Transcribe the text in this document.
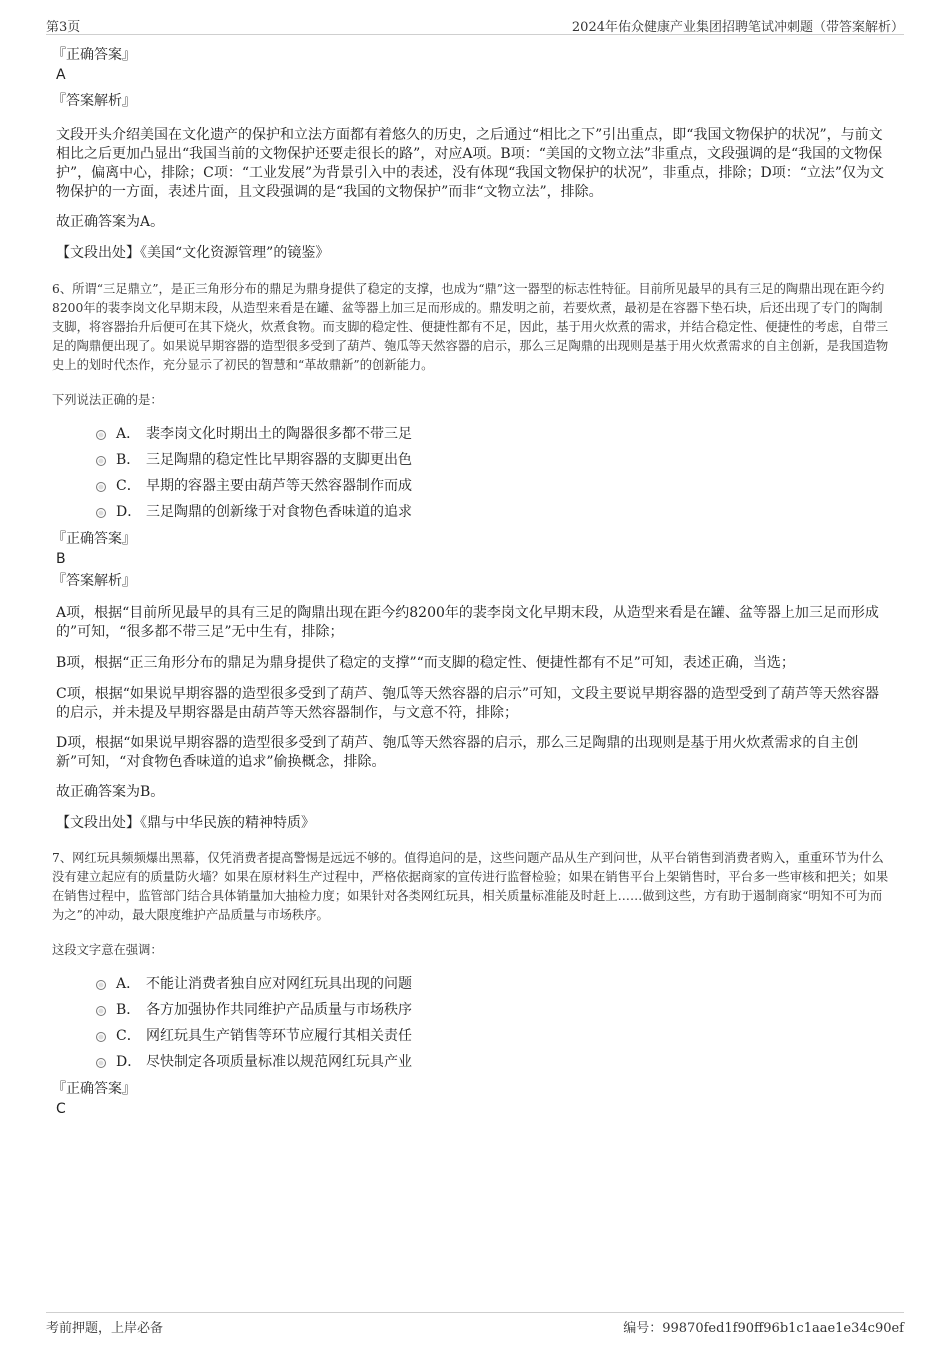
第3页	2024年佑众健康产业集团招聘笔试冲刺题（带答案解析）

『正确答案』

A

『答案解析』

文段开头介绍美国在文化遗产的保护和立法方面都有着悠久的历史，之后通过“相比之下”引出重点，即“我国文物保护的状况”，与前文相比之后更加凸显出“我国当前的文物保护还要走很长的路”，对应A项。B项：“美国的文物立法”非重点，文段强调的是“我国的文物保护”，偏离中心，排除；C项：“工业发展”为背景引入中的表述，没有体现“我国文物保护的状况”，非重点，排除；D项：“立法”仅为文物保护的一方面，表述片面，且文段强调的是“我国的文物保护”而非“文物立法”，排除。

故正确答案为A。

【文段出处】《美国“文化资源管理”的镜鉴》

6、所谓“三足鼎立”，是正三角形分布的鼎足为鼎身提供了稳定的支撑，也成为“鼎”这一器型的标志性特征。目前所见最早的具有三足的陶鼎出现在距今约8200年的裴李岗文化早期末段，从造型来看是在罐、盆等器上加三足而形成的。鼎发明之前，若要炊煮，最初是在容器下垫石块，后还出现了专门的陶制支脚，将容器抬升后便可在其下烧火，炊煮食物。而支脚的稳定性、便捷性都有不足，因此，基于用火炊煮的需求，并结合稳定性、便捷性的考虑，自带三足的陶鼎便出现了。如果说早期容器的造型很多受到了葫芦、匏瓜等天然容器的启示，那么三足陶鼎的出现则是基于用火炊煮需求的自主创新，是我国造物史上的划时代杰作，充分显示了初民的智慧和“革故鼎新”的创新能力。

下列说法正确的是：

A． 裴李岗文化时期出土的陶器很多都不带三足
B． 三足陶鼎的稳定性比早期容器的支脚更出色
C． 早期的容器主要由葫芦等天然容器制作而成
D． 三足陶鼎的创新缘于对食物色香味道的追求

『正确答案』

B

『答案解析』

A项，根据“目前所见最早的具有三足的陶鼎出现在距今约8200年的裴李岗文化早期末段，从造型来看是在罐、盆等器上加三足而形成的”可知，“很多都不带三足”无中生有，排除；

B项，根据“正三角形分布的鼎足为鼎身提供了稳定的支撑”“而支脚的稳定性、便捷性都有不足”可知，表述正确，当选；

C项，根据“如果说早期容器的造型很多受到了葫芦、匏瓜等天然容器的启示”可知，文段主要说早期容器的造型受到了葫芦等天然容器的启示，并未提及早期容器是由葫芦等天然容器制作，与文意不符，排除；

D项，根据“如果说早期容器的造型很多受到了葫芦、匏瓜等天然容器的启示，那么三足陶鼎的出现则是基于用火炊煮需求的自主创新”可知，“对食物色香味道的追求”偷换概念，排除。

故正确答案为B。

【文段出处】《鼎与中华民族的精神特质》

7、网红玩具频频爆出黑幕，仅凭消费者提高警惕是远远不够的。值得追问的是，这些问题产品从生产到问世，从平台销售到消费者购入，重重环节为什么没有建立起应有的质量防火墙？如果在原材料生产过程中，严格依据商家的宣传进行监督检验；如果在销售平台上架销售时，平台多一些审核和把关；如果在销售过程中，监管部门结合具体销量加大抽检力度；如果针对各类网红玩具，相关质量标准能及时赶上……做到这些，方有助于遏制商家“明知不可为而为之”的冲动，最大限度维护产品质量与市场秩序。

这段文字意在强调：

A． 不能让消费者独自应对网红玩具出现的问题
B． 各方加强协作共同维护产品质量与市场秩序
C． 网红玩具生产销售等环节应履行其相关责任
D． 尽快制定各项质量标准以规范网红玩具产业

『正确答案』

C

考前押题，上岸必备	编号：99870fed1f90ff96b1c1aae1e34c90ef
